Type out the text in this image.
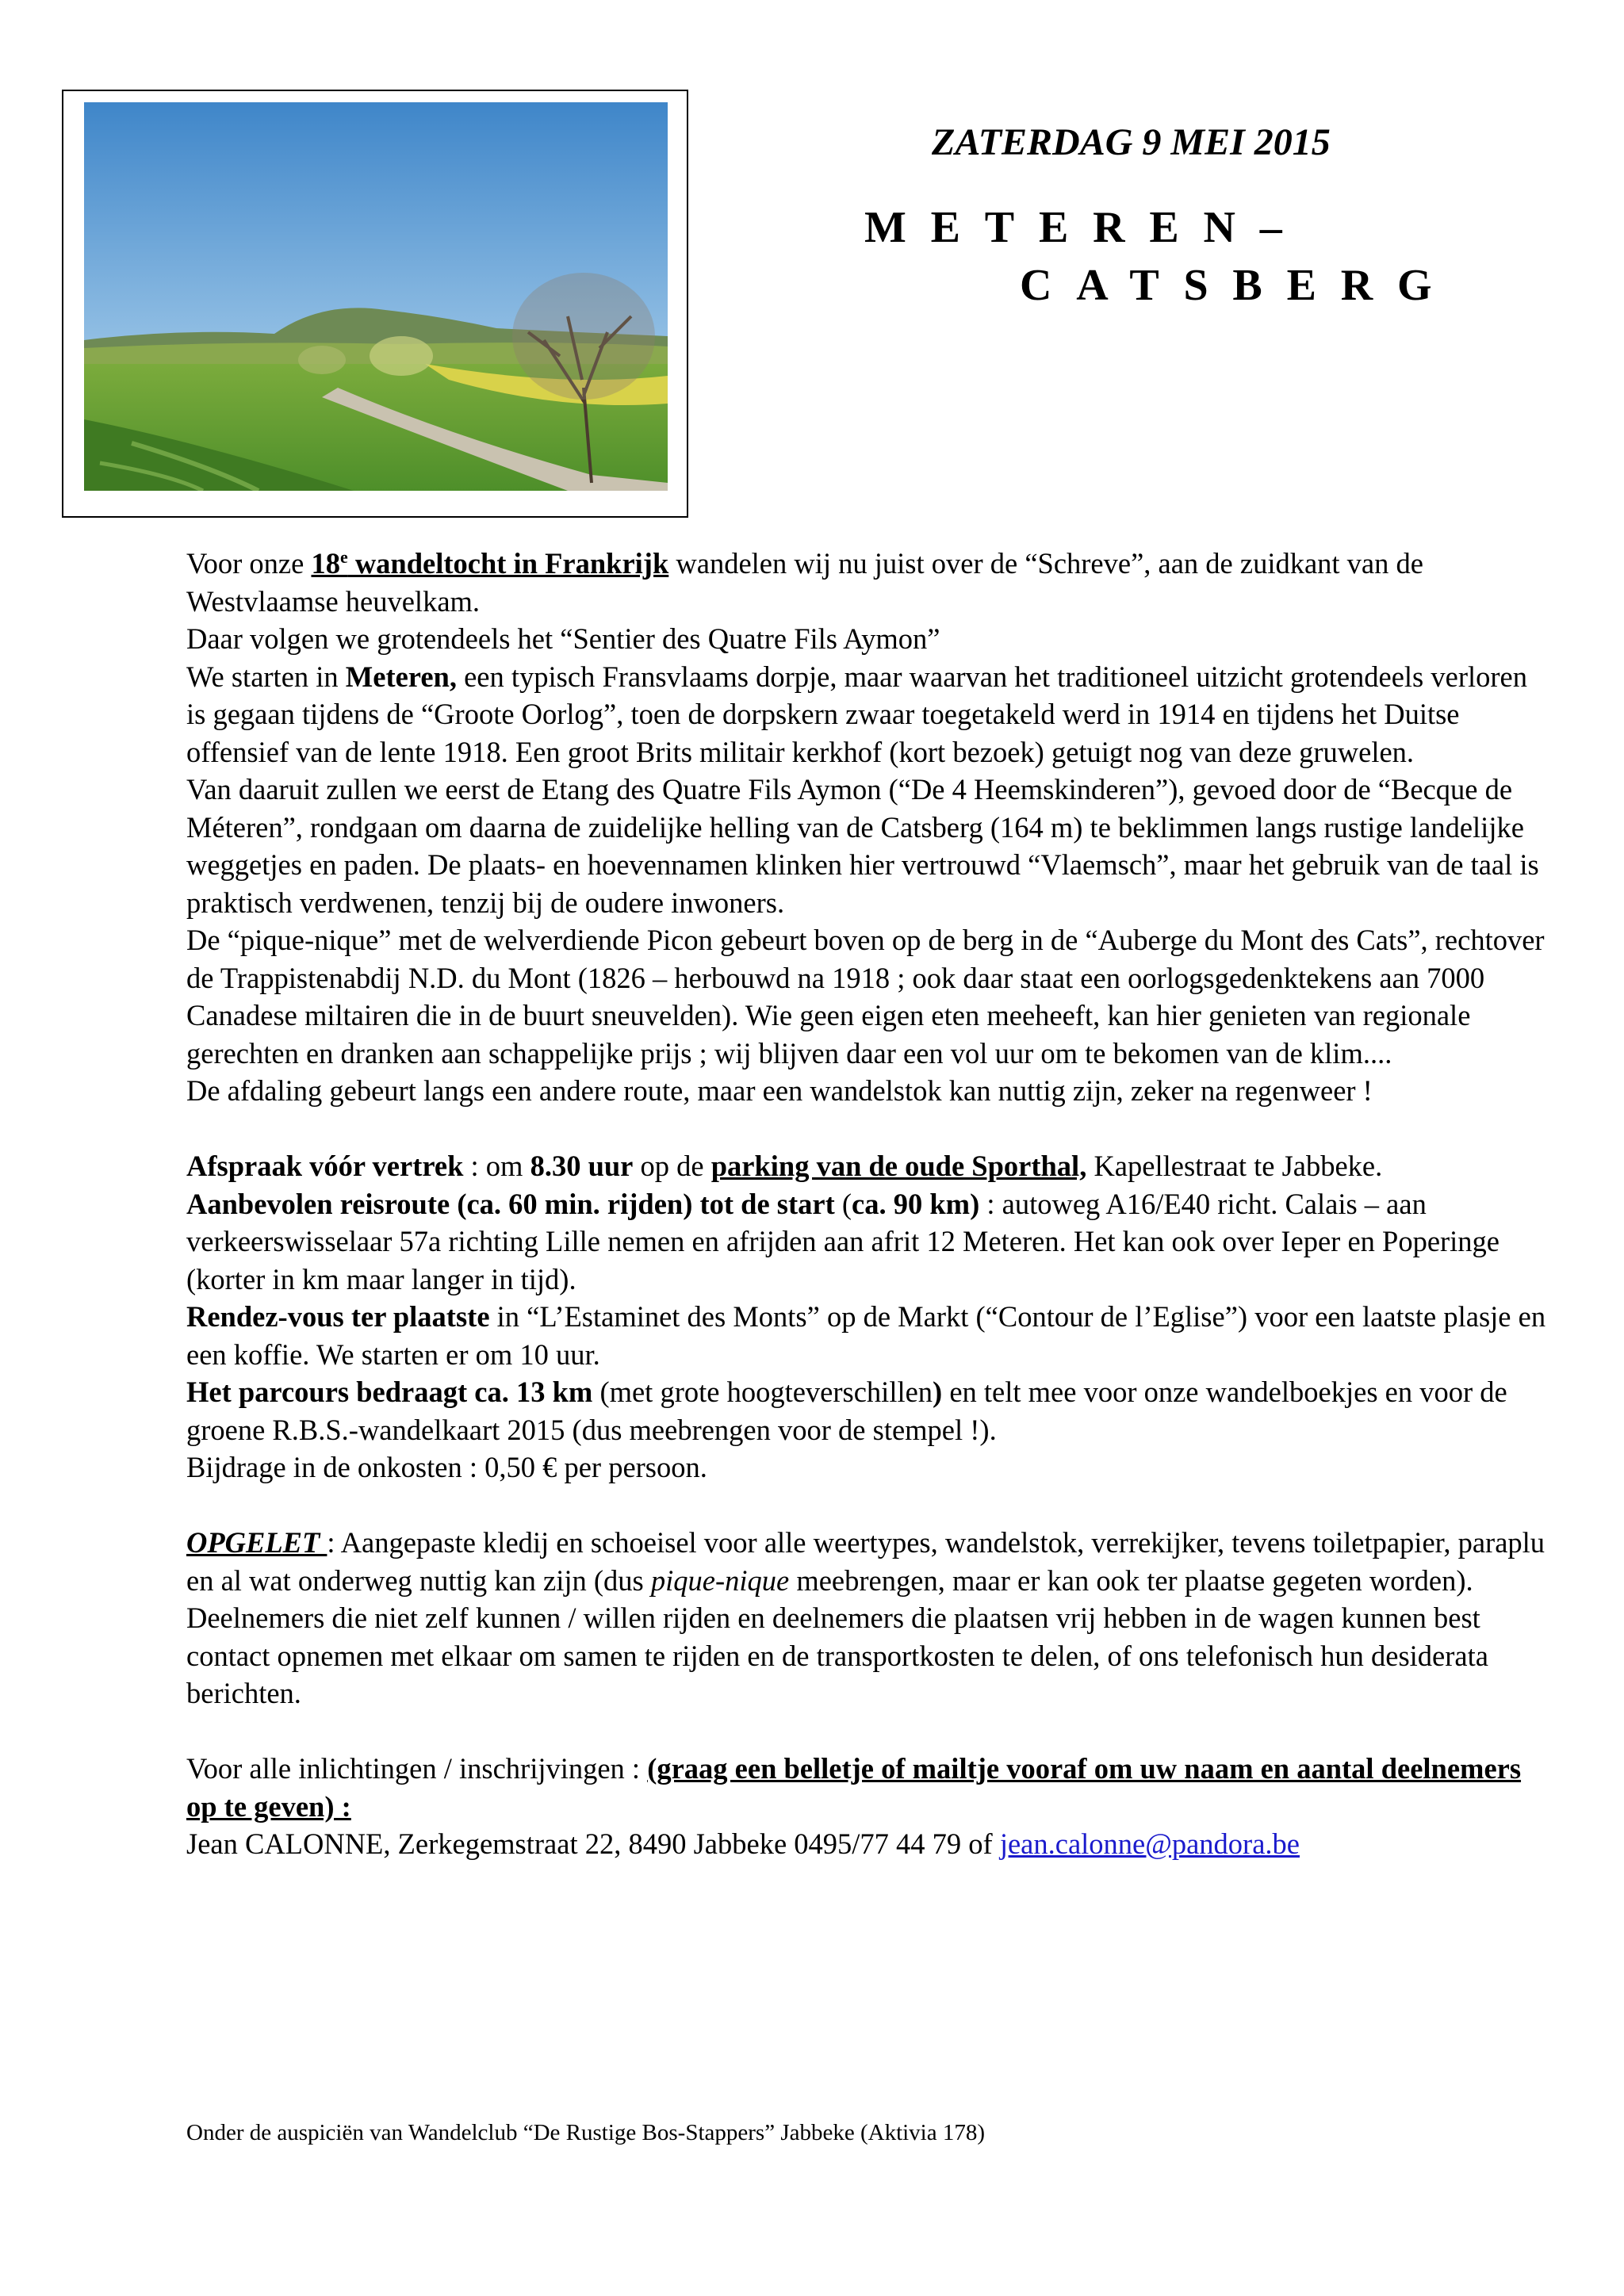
ZATERDAG 9 MEI 2015

METEREN–

CATSBERG

Voor onze 18e wandeltocht in Frankrijk wandelen wij nu juist over de “Schreve”, aan de zuidkant van de Westvlaamse heuvelkam.

Daar volgen we grotendeels het “Sentier des Quatre Fils Aymon”

We starten in Meteren, een typisch Fransvlaams dorpje, maar waarvan het traditioneel uitzicht grotendeels verloren is gegaan tijdens de “Groote Oorlog”, toen de dorpskern zwaar toegetakeld werd in 1914 en tijdens het Duitse offensief van de lente 1918. Een groot Brits militair kerkhof (kort bezoek) getuigt nog van deze gruwelen.

Van daaruit zullen we eerst de Etang des Quatre Fils Aymon (“De 4 Heemskinderen”), gevoed door de “Becque de Méteren”, rondgaan om daarna de zuidelijke helling van de Catsberg (164 m) te beklimmen langs rustige landelijke weggetjes en paden. De plaats- en hoevennamen klinken hier vertrouwd “Vlaemsch”, maar het gebruik van de taal is praktisch verdwenen, tenzij bij de oudere inwoners.

De “pique-nique” met de welverdiende Picon gebeurt boven op de berg in de “Auberge du Mont des Cats”, rechtover de Trappistenabdij N.D. du Mont (1826 – herbouwd na 1918 ; ook daar staat een oorlogsgedenktekens aan 7000 Canadese miltairen die in de buurt sneuvelden). Wie geen eigen eten meeheeft, kan hier genieten van regionale gerechten en dranken aan schappelijke prijs ; wij blijven daar een vol uur om te bekomen van de klim....

De afdaling gebeurt langs een andere route, maar een wandelstok kan nuttig zijn, zeker na regenweer !

Afspraak vóór vertrek : om 8.30 uur op de parking van de oude Sporthal, Kapellestraat te Jabbeke.

Aanbevolen reisroute (ca. 60 min. rijden) tot de start (ca. 90 km) : autoweg A16/E40 richt. Calais – aan verkeerswisselaar 57a richting Lille nemen en afrijden aan afrit 12 Meteren. Het kan ook over Ieper en Poperinge (korter in km maar langer in tijd).

Rendez-vous ter plaatste in “L’Estaminet des Monts” op de Markt (“Contour de l’Eglise”) voor een laatste plasje en een koffie. We starten er om 10 uur.

Het parcours bedraagt ca. 13 km (met grote hoogteverschillen) en telt mee voor onze wandelboekjes en voor de groene R.B.S.-wandelkaart 2015 (dus meebrengen voor de stempel !).

Bijdrage in de onkosten : 0,50 € per persoon.

OPGELET : Aangepaste kledij en schoeisel voor alle weertypes, wandelstok, verrekijker, tevens toiletpapier, paraplu en al wat onderweg nuttig kan zijn (dus pique-nique meebrengen, maar er kan ook ter plaatse gegeten worden).

Deelnemers die niet zelf kunnen / willen rijden en deelnemers die plaatsen vrij hebben in de wagen kunnen best contact opnemen met elkaar om samen te rijden en de transportkosten te delen, of ons telefonisch hun desiderata berichten.

Voor alle inlichtingen / inschrijvingen : (graag een belletje of mailtje vooraf om uw naam en aantal deelnemers op te geven) :

Jean CALONNE, Zerkegemstraat 22, 8490 Jabbeke 0495/77 44 79 of jean.calonne@pandora.be

Onder de auspiciën van Wandelclub “De Rustige Bos-Stappers” Jabbeke (Aktivia 178)
